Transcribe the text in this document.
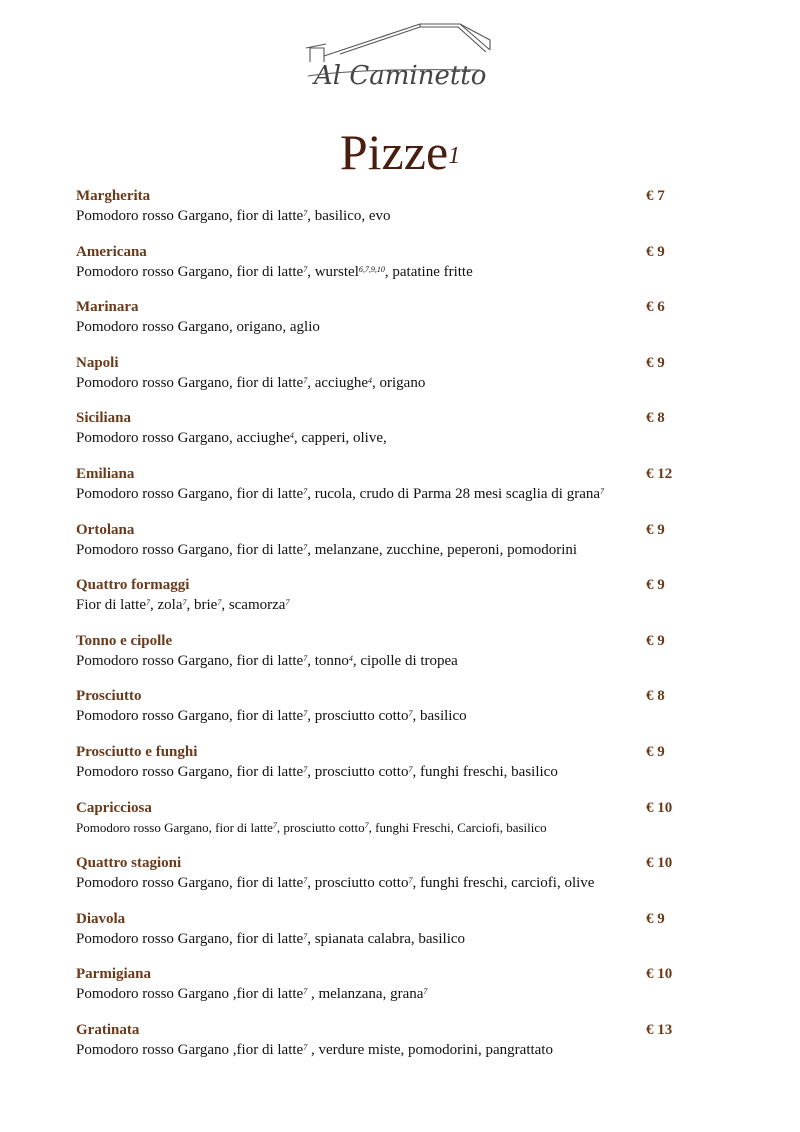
Al Caminetto
Pizze$^1$
Margherita	€ 7
Pomodoro rosso Gargano, fior di latte$^7$, basilico, evo
Americana	€ 9
Pomodoro rosso Gargano, fior di latte$^7$, wurstel$^{6,7,9,10}$, patatine fritte
Marinara	€ 6
Pomodoro rosso Gargano, origano, aglio
Napoli	€ 9
Pomodoro rosso Gargano, fior di latte$^7$, acciughe$^4$, origano
Siciliana	€ 8
Pomodoro rosso Gargano, acciughe$^4$, capperi, olive,
Emiliana	€ 12
Pomodoro rosso Gargano, fior di latte$^7$, rucola, crudo di Parma 28 mesi scaglia di grana$^7$
Ortolana	€ 9
Pomodoro rosso Gargano, fior di latte$^7$, melanzane, zucchine, peperoni, pomodorini
Quattro formaggi	€ 9
Fior di latte$^7$, zola$^7$, brie$^7$, scamorza$^7$
Tonno e cipolle	€ 9
Pomodoro rosso Gargano, fior di latte$^7$, tonno$^4$, cipolle di tropea
Prosciutto	€ 8
Pomodoro rosso Gargano, fior di latte$^7$, prosciutto cotto$^7$, basilico
Prosciutto e funghi	€ 9
Pomodoro rosso Gargano, fior di latte$^7$, prosciutto cotto$^7$, funghi freschi, basilico
Capricciosa	€ 10
Pomodoro rosso Gargano, fior di latte$^7$, prosciutto cotto$^7$, funghi Freschi, Carciofi, basilico
Quattro stagioni	€ 10
Pomodoro rosso Gargano, fior di latte$^7$, prosciutto cotto$^7$, funghi freschi, carciofi, olive
Diavola	€ 9
Pomodoro rosso Gargano, fior di latte$^7$, spianata calabra, basilico
Parmigiana	€ 10
Pomodoro rosso Gargano ,fior di latte$^7$ , melanzana, grana$^7$
Gratinata	€ 13
Pomodoro rosso Gargano ,fior di latte$^7$ , verdure miste, pomodorini, pangrattato
